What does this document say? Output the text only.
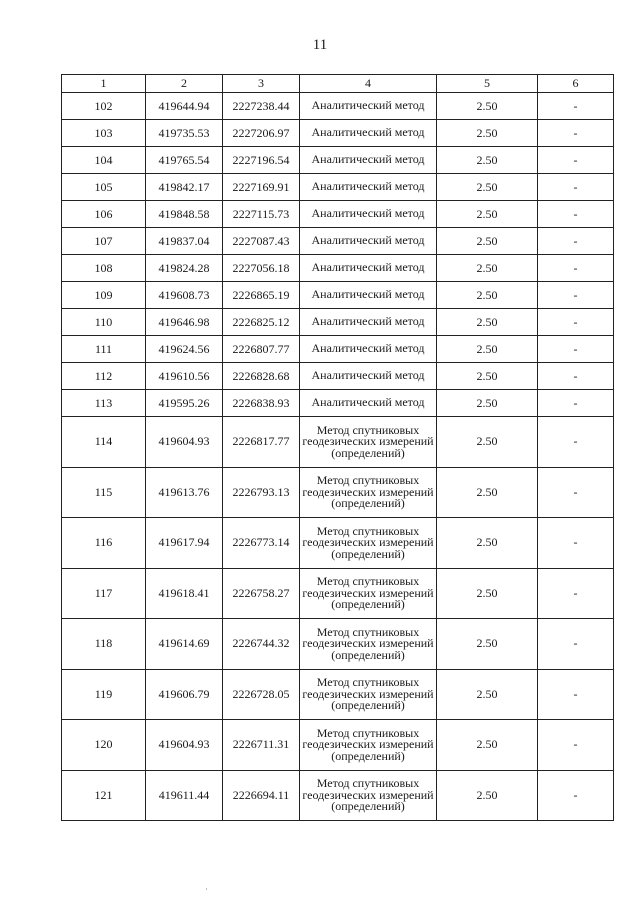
11
1	2	3	4	5	6
102	419644.94	2227238.44	Аналитический метод	2.50	-
103	419735.53	2227206.97	Аналитический метод	2.50	-
104	419765.54	2227196.54	Аналитический метод	2.50	-
105	419842.17	2227169.91	Аналитический метод	2.50	-
106	419848.58	2227115.73	Аналитический метод	2.50	-
107	419837.04	2227087.43	Аналитический метод	2.50	-
108	419824.28	2227056.18	Аналитический метод	2.50	-
109	419608.73	2226865.19	Аналитический метод	2.50	-
110	419646.98	2226825.12	Аналитический метод	2.50	-
111	419624.56	2226807.77	Аналитический метод	2.50	-
112	419610.56	2226828.68	Аналитический метод	2.50	-
113	419595.26	2226838.93	Аналитический метод	2.50	-
114	419604.93	2226817.77	Метод спутниковых геодезических измерений (определений)	2.50	-
115	419613.76	2226793.13	Метод спутниковых геодезических измерений (определений)	2.50	-
116	419617.94	2226773.14	Метод спутниковых геодезических измерений (определений)	2.50	-
117	419618.41	2226758.27	Метод спутниковых геодезических измерений (определений)	2.50	-
118	419614.69	2226744.32	Метод спутниковых геодезических измерений (определений)	2.50	-
119	419606.79	2226728.05	Метод спутниковых геодезических измерений (определений)	2.50	-
120	419604.93	2226711.31	Метод спутниковых геодезических измерений (определений)	2.50	-
121	419611.44	2226694.11	Метод спутниковых геодезических измерений (определений)	2.50	-
